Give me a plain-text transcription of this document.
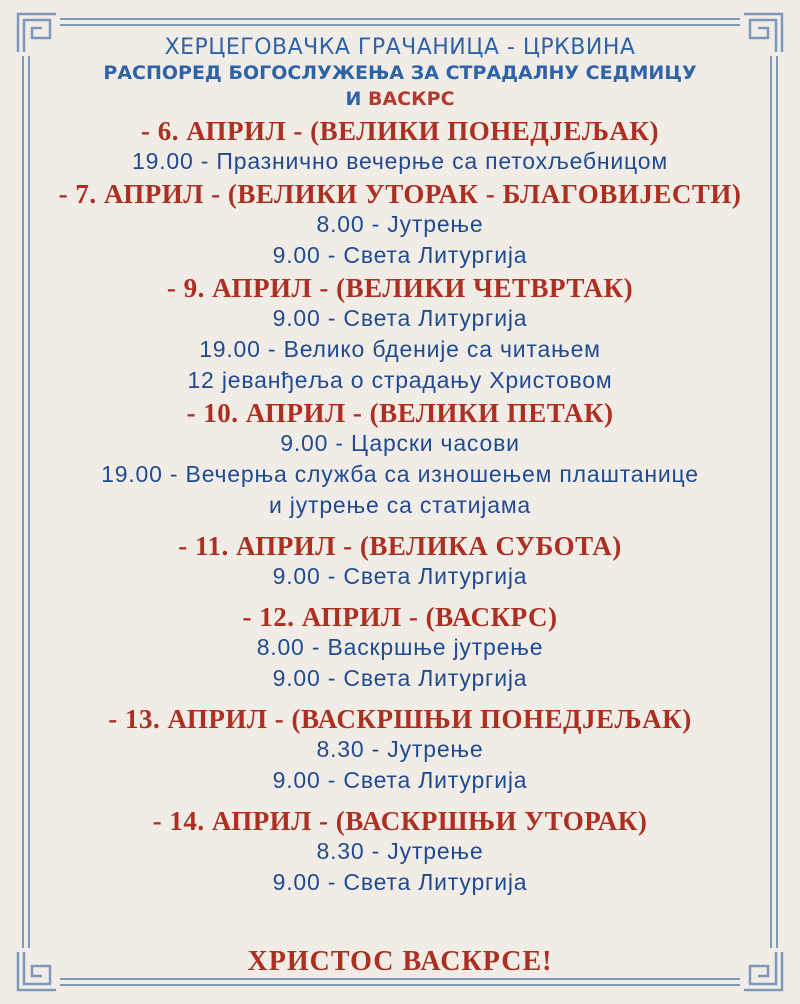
ХЕРЦЕГОВАЧКА ГРАЧАНИЦА - ЦРКВИНА
РАСПОРЕД БОГОСЛУЖЕЊА ЗА СТРАДАЛНУ СЕДМИЦУ
И ВАСКРС
- 6. АПРИЛ - (ВЕЛИКИ ПОНЕДЈЕЉАК)
19.00 - Празнично вечерње са петохљебницом
- 7. АПРИЛ - (ВЕЛИКИ УТОРАК - БЛАГОВИЈЕСТИ)
8.00 - Јутрење
9.00 - Света Литургија
- 9. АПРИЛ - (ВЕЛИКИ ЧЕТВРТАК)
9.00 - Света Литургија
19.00 - Велико бденије са читањем
12 јеванђеља о страдању Христовом
- 10. АПРИЛ - (ВЕЛИКИ ПЕТАК)
9.00 - Царски часови
19.00 - Вечерња служба са изношењем плаштанице
и јутрење са статијама
- 11. АПРИЛ - (ВЕЛИКА СУБОТА)
9.00 - Света Литургија
- 12. АПРИЛ - (ВАСКРС)
8.00 - Васкршње јутрење
9.00 - Света Литургија
- 13. АПРИЛ - (ВАСКРШЊИ ПОНЕДЈЕЉАК)
8.30 - Јутрење
9.00 - Света Литургија
- 14. АПРИЛ - (ВАСКРШЊИ УТОРАК)
8.30 - Јутрење
9.00 - Света Литургија
ХРИСТОС ВАСКРСЕ!
